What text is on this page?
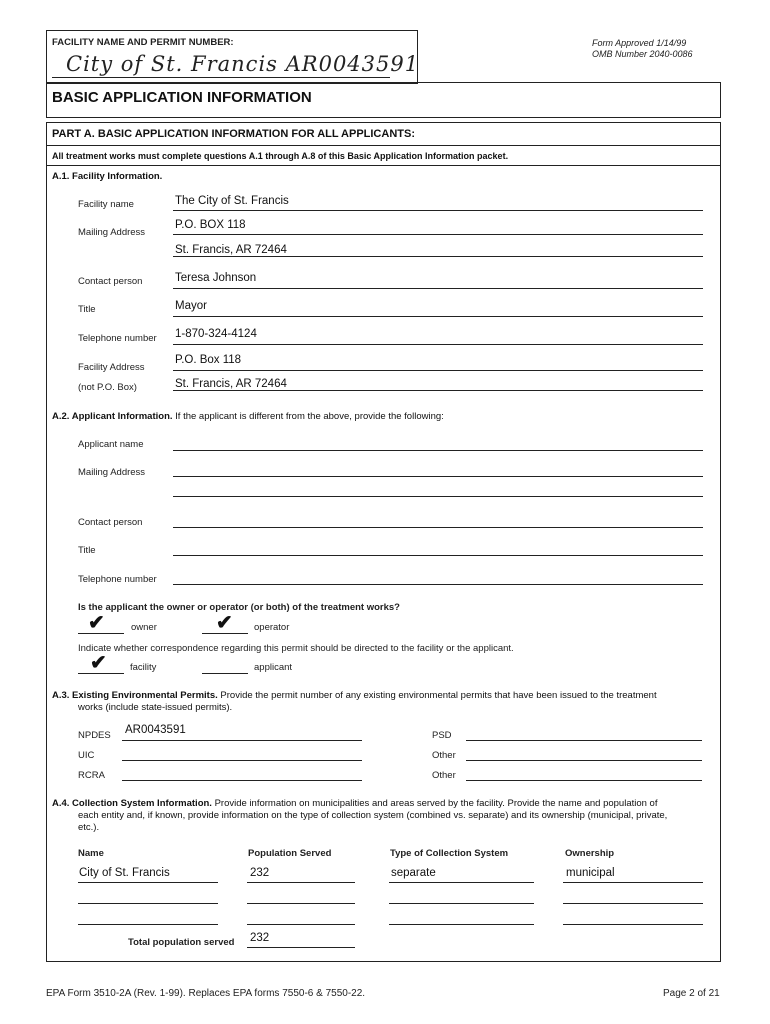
FACILITY NAME AND PERMIT NUMBER:
City of St. Francis AR0043591
Form Approved 1/14/99
OMB Number 2040-0086
BASIC APPLICATION INFORMATION
PART A. BASIC APPLICATION INFORMATION FOR ALL APPLICANTS:
All treatment works must complete questions A.1 through A.8 of this Basic Application Information packet.
A.1. Facility Information.
Facility name	The City of St. Francis
Mailing Address
P.O. BOX 118
St. Francis, AR 72464
Contact person	Teresa Johnson
Title	Mayor
Telephone number 1-870-324-4124
Facility Address
P.O. Box 118
(not P.O. Box)	St. Francis, AR 72464
A.2. Applicant Information. If the applicant is different from the above, provide the following:
Applicant name
Mailing Address
Contact person
Title
Telephone number
Is the applicant the owner or operator (or both) of the treatment works?
✔	owner	✔ operator
Indicate whether correspondence regarding this permit should be directed to the facility or the applicant.
✔ facility	applicant
A.3. Existing Environmental Permits. Provide the permit number of any existing environmental permits that have been issued to the treatment
works (include state-issued permits).
NPDES AR0043591
UIC
RCRA
PSD
Other
Other
A.4. Collection System Information. Provide information on municipalities and areas served by the facility. Provide the name and population of
each entity and, if known, provide information on the type of collection system (combined vs. separate) and its ownership (municipal, private,
etc.).
Name	Population Served	Type of Collection System	Ownership
City of St. Francis	232	separate	municipal
Total population served 232
EPA Form 3510-2A (Rev. 1-99). Replaces EPA forms 7550-6 & 7550-22.	Page 2 of 21
